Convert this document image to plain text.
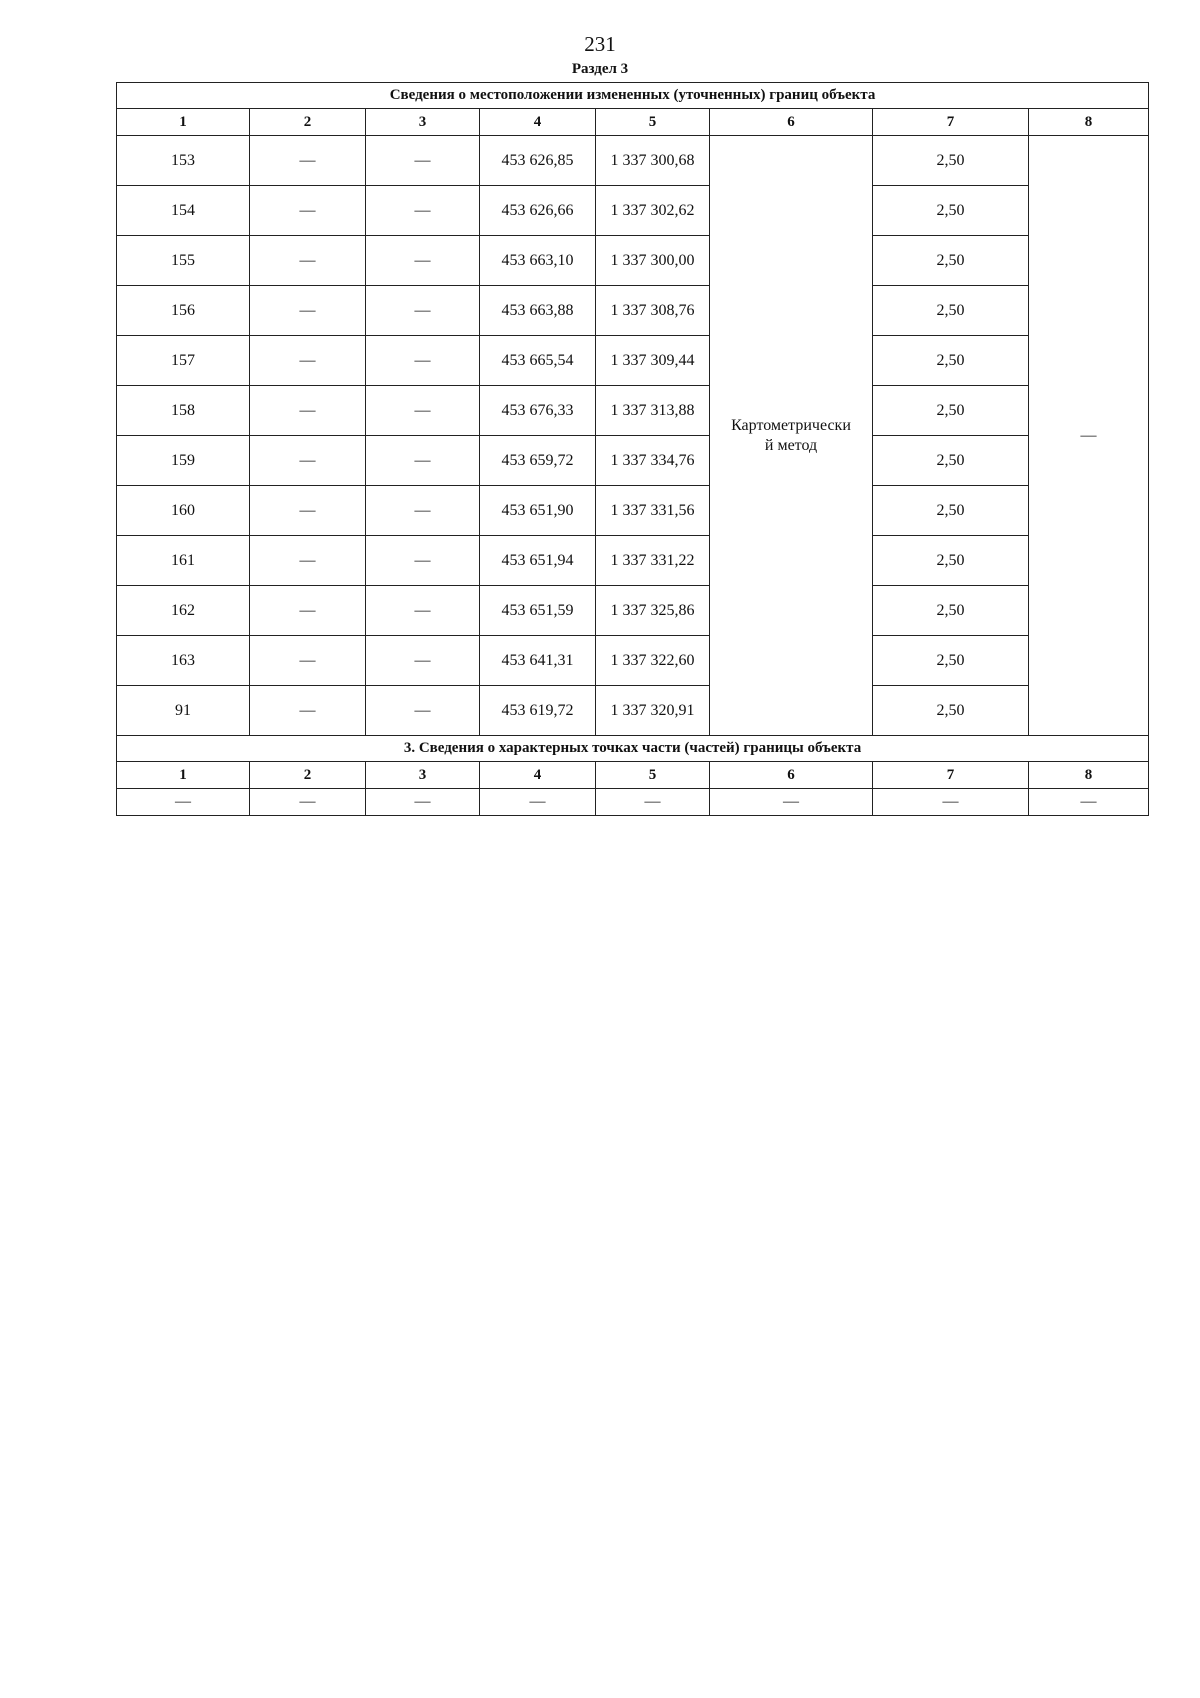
231
Раздел 3
Сведения о местоположении измененных (уточненных) границ объекта							
1	2	3	4	5	6	7	8
153	—	—	453 626,85	1 337 300,68	Картометрически
й метод	2,50	—
154	—	—	453 626,66	1 337 302,62		2,50	
155	—	—	453 663,10	1 337 300,00		2,50	
156	—	—	453 663,88	1 337 308,76		2,50	
157	—	—	453 665,54	1 337 309,44		2,50	
158	—	—	453 676,33	1 337 313,88		2,50	
159	—	—	453 659,72	1 337 334,76		2,50	
160	—	—	453 651,90	1 337 331,56		2,50	
161	—	—	453 651,94	1 337 331,22		2,50	
162	—	—	453 651,59	1 337 325,86		2,50	
163	—	—	453 641,31	1 337 322,60		2,50	
91	—	—	453 619,72	1 337 320,91		2,50	
3. Сведения о характерных точках части (частей) границы объекта							
1	2	3	4	5	6	7	8
—	—	—	—	—	—	—	—
